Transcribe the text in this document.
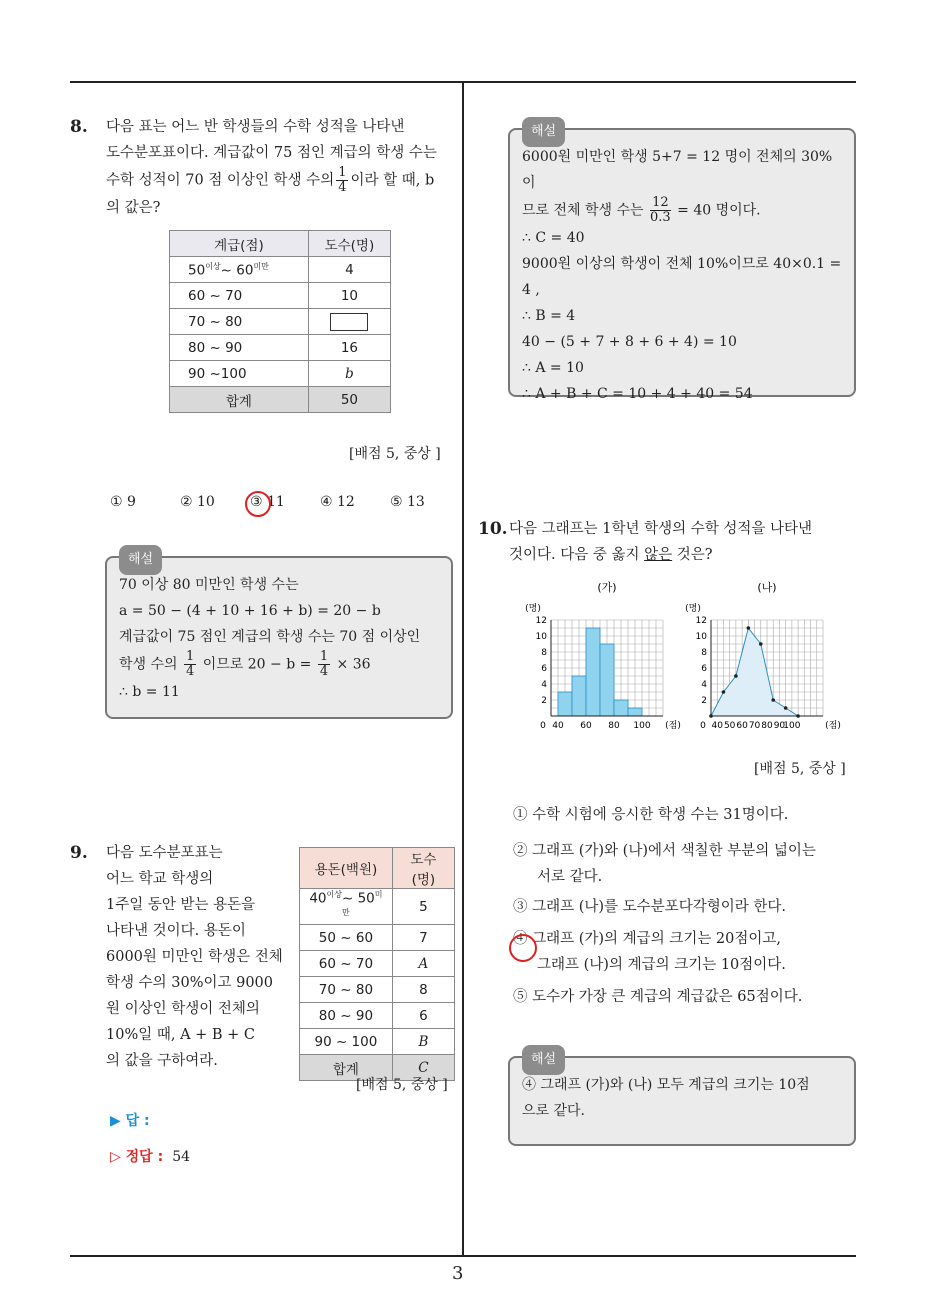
3
8. 다음 표는 어느 반 학생들의 수학 성적을 나타낸
도수분포표이다. 계급값이 75 점인 계급의 학생 수는
수학 성적이 70 점 이상인 학생 수의 $\frac{1}{4}$ 이라 할 때, b
의 값은?
계급(점)	도수(명)
$50^{이상}\sim$ $60^{미만}$	4
60 ~ 70	10
70 ~ 80	
80 ~ 90	16
90 ~100	b
합계	50
[배점 5, 중상 ]
① 9	② 10	③ 11	④ 12	⑤ 13
해설
70 이상 80 미만인 학생 수는
a = 50 − (4 + 10 + 16 + b) = 20 − b
계급값이 75 점인 계급의 학생 수는 70 점 이상인
학생 수의 $\frac{1}{4}$ 이므로 $20 - b = \frac{1}{4} \times 36$
∴ b = 11
9. 다음 도수분포표는
어느 학교 학생의
1주일 동안 받는 용돈을
나타낸 것이다. 용돈이
6000원 미만인 학생은 전체
학생 수의 30%이고 9000
원 이상인 학생이 전체의
10%일 때, A + B + C
의 값을 구하여라.
용돈(백원)	도수(명)
$40^{이상}\sim$ $50^{미만}$	5
50 ~ 60	7
60 ~ 70	A
70 ~ 80	8
80 ~ 90	6
90 ~ 100	B
합계	C
[배점 5, 중상 ]
▶ 답 :
▷ 정답 : 54
해설
6000원 미만인 학생 5+7 = 12 명이 전체의 30%이
므로 전체 학생 수는 $\frac{12}{0.3} = 40$ 명이다.
∴ C = 40
9000원 이상의 학생이 전체 10%이므로 40×0.1 =
4 ,
∴ B = 4
40 − (5 + 7 + 8 + 6 + 4) = 10
∴ A = 10
∴ A + B + C = 10 + 4 + 40 = 54
10. 다음 그래프는 1학년 학생의 수학 성적을 나타낸
것이다. 다음 중 옳지 않은 것은?
(가)
(명)
2
4
6
8
10
12
0 40 60 80 100 (점)
(나)
(명)
2
4
6
8
10
12
0 40 50 60 70 80 90
100	(점)
[배점 5, 중상 ]
① 수학 시험에 응시한 학생 수는 31명이다.
② 그래프 (가)와 (나)에서 색칠한 부분의 넓이는
서로 같다.
③ 그래프 (나)를 도수분포다각형이라 한다.
④ 그래프 (가)의 계급의 크기는 20점이고,
그래프 (나)의 계급의 크기는 10점이다.
⑤ 도수가 가장 큰 계급의 계급값은 65점이다.
해설
④ 그래프 (가)와 (나) 모두 계급의 크기는 10점
으로 같다.
